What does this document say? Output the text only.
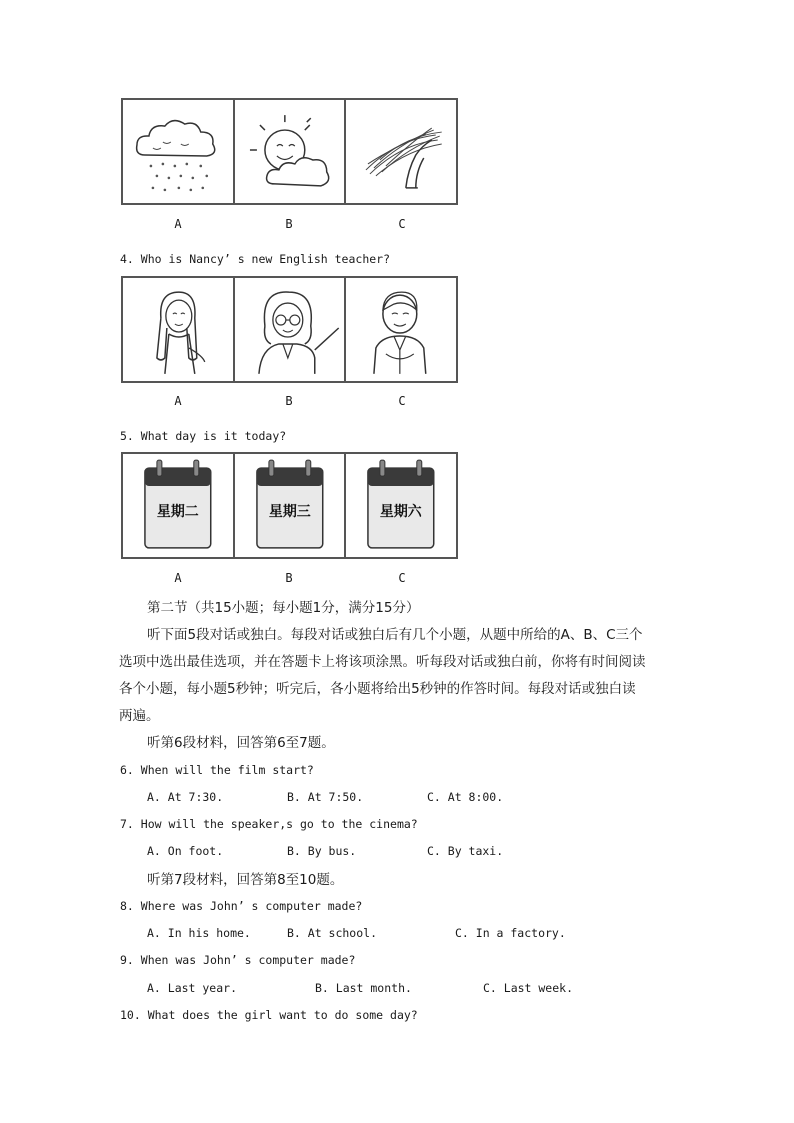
A	B	C
4. Who is Nancy’ s new English teacher?
A	B	C
5. What day is it today?
星期二	星期三	星期六
A	B	C
第二节（共15小题；每小题1分，满分15分）
听下面5段对话或独白。每段对话或独白后有几个小题，从题中所给的A、B、C三个
选项中选出最佳选项，并在答题卡上将该项涂黑。听每段对话或独白前，你将有时间阅读
各个小题，每小题5秒钟；听完后，各小题将给出5秒钟的作答时间。每段对话或独白读
两遍。
听第6段材料，回答第6至7题。
6. When will the film start?
A. At 7:30.	B. At 7:50.	C. At 8:00.
7. How will the speaker,s go to the cinema?
A. On foot.	B. By bus.	C. By taxi.
听第7段材料，回答第8至10题。
8. Where was John’ s computer made?
A. In his home.	B. At school.	C. In a factory.
9. When was John’ s computer made?
A. Last year.	B. Last month.	C. Last week.
10. What does the girl want to do some day?
